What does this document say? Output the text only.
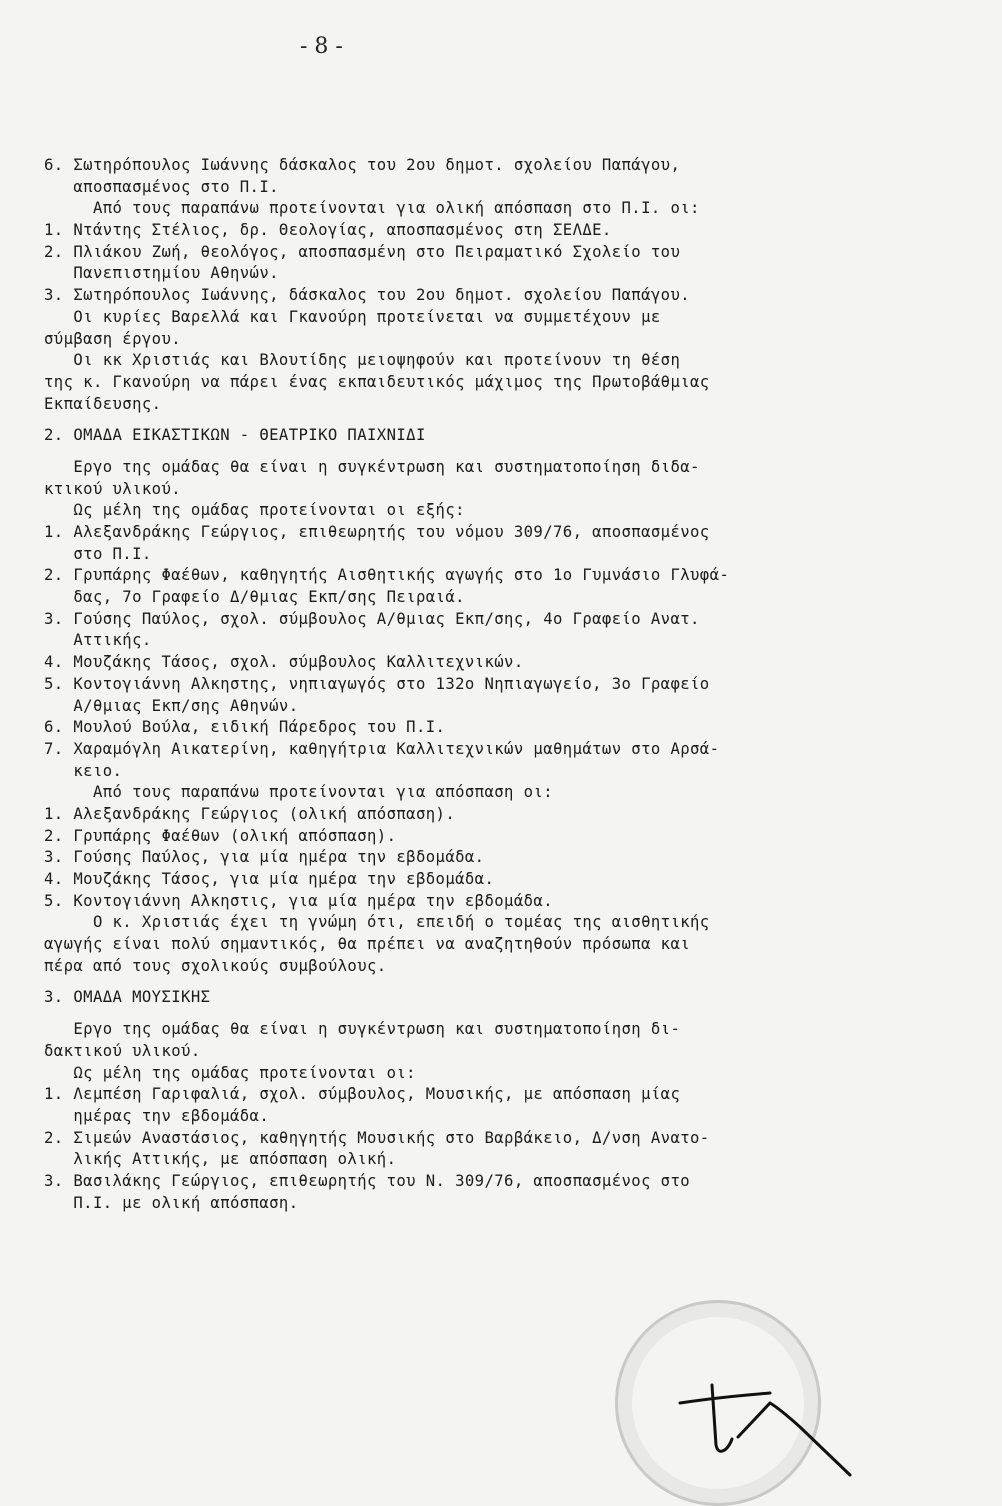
- 8 -
6. Σωτηρόπουλος Ιωάννης δάσκαλος του 2ου δημοτ. σχολείου Παπάγου,
αποσπασμένος στο Π.Ι.
Από τους παραπάνω προτείνονται για ολική απόσπαση στο Π.Ι. οι:
1. Ντάντης Στέλιος, δρ. Θεολογίας, αποσπασμένος στη ΣΕΛΔΕ.
2. Πλιάκου Ζωή, θεολόγος, αποσπασμένη στο Πειραματικό Σχολείο του
Πανεπιστημίου Αθηνών.
3. Σωτηρόπουλος Ιωάννης, δάσκαλος του 2ου δημοτ. σχολείου Παπάγου.
Οι κυρίες Βαρελλά και Γκανούρη προτείνεται να συμμετέχουν με
σύμβαση έργου.
Οι κκ Χριστιάς και Βλουτίδης μειοψηφούν και προτείνουν τη θέση
της κ. Γκανούρη να πάρει ένας εκπαιδευτικός μάχιμος της Πρωτοβάθμιας
Εκπαίδευσης.
2. ΟΜΑΔΑ ΕΙΚΑΣΤΙΚΩΝ - ΘΕΑΤΡΙΚΟ ΠΑΙΧΝΙΔΙ
Εργο της ομάδας θα είναι η συγκέντρωση και συστηματοποίηση διδα-
κτικού υλικού.
Ως μέλη της ομάδας προτείνονται οι εξής:
1. Αλεξανδράκης Γεώργιος, επιθεωρητής του νόμου 309/76, αποσπασμένος
στο Π.Ι.
2. Γρυπάρης Φαέθων, καθηγητής Αισθητικής αγωγής στο 1ο Γυμνάσιο Γλυφά-
δας, 7ο Γραφείο Δ/θμιας Εκπ/σης Πειραιά.
3. Γούσης Παύλος, σχολ. σύμβουλος Α/θμιας Εκπ/σης, 4ο Γραφείο Ανατ.
Αττικής.
4. Μουζάκης Τάσος, σχολ. σύμβουλος Καλλιτεχνικών.
5. Κοντογιάννη Αλκηστης, νηπιαγωγός στο 132ο Νηπιαγωγείο, 3ο Γραφείο
Α/θμιας Εκπ/σης Αθηνών.
6. Μουλού Βούλα, ειδική Πάρεδρος του Π.Ι.
7. Χαραμόγλη Αικατερίνη, καθηγήτρια Καλλιτεχνικών μαθημάτων στο Αρσά-
κειο.
Από τους παραπάνω προτείνονται για απόσπαση οι:
1. Αλεξανδράκης Γεώργιος (ολική απόσπαση).
2. Γρυπάρης Φαέθων (ολική απόσπαση).
3. Γούσης Παύλος, για μία ημέρα την εβδομάδα.
4. Μουζάκης Τάσος, για μία ημέρα την εβδομάδα.
5. Κοντογιάννη Αλκηστις, για μία ημέρα την εβδομάδα.
Ο κ. Χριστιάς έχει τη γνώμη ότι, επειδή ο τομέας της αισθητικής
αγωγής είναι πολύ σημαντικός, θα πρέπει να αναζητηθούν πρόσωπα και
πέρα από τους σχολικούς συμβούλους.
3. ΟΜΑΔΑ ΜΟΥΣΙΚΗΣ
Εργο της ομάδας θα είναι η συγκέντρωση και συστηματοποίηση δι-
δακτικού υλικού.
Ως μέλη της ομάδας προτείνονται οι:
1. Λεμπέση Γαριφαλιά, σχολ. σύμβουλος, Μουσικής, με απόσπαση μίας
ημέρας την εβδομάδα.
2. Σιμεών Αναστάσιος, καθηγητής Μουσικής στο Βαρβάκειο, Δ/νση Ανατο-
λικής Αττικής, με απόσπαση ολική.
3. Βασιλάκης Γεώργιος, επιθεωρητής του Ν. 309/76, αποσπασμένος στο
Π.Ι. με ολική απόσπαση.
